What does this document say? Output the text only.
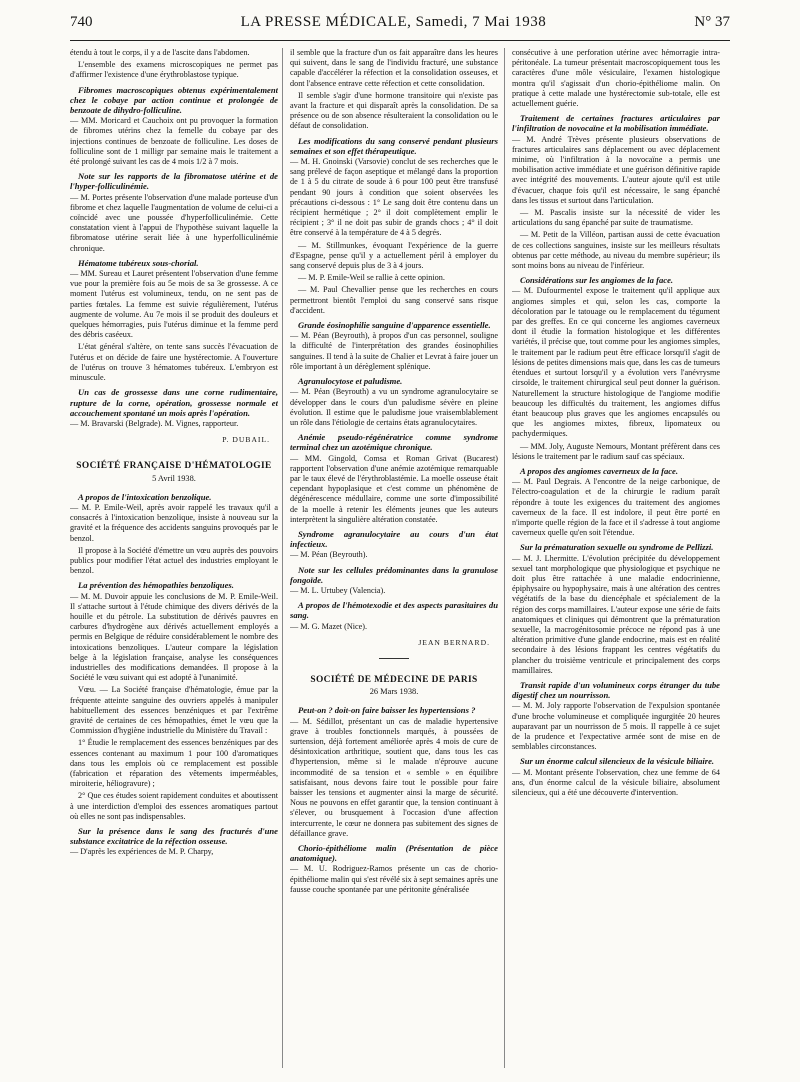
740	LA PRESSE MÉDICALE, Samedi, 7 Mai 1938	N° 37

étendu à tout le corps, il y a de l'ascite dans l'abdomen.

L'ensemble des examens microscopiques ne permet pas d'affirmer l'existence d'une érythroblastose typique.

Fibromes macroscopiques obtenus expérimentalement chez le cobaye par action continue et prolongée de benzoate de dihydro-folliculine.

— MM. Moricard et Cauchoix ont pu provoquer la formation de fibromes utérins chez la femelle du cobaye par des injections continues de benzoate de folliculine. Les doses de folliculine sont de 1 milligr par semaine mais le traitement a été prolongé suivant les cas de 4 mois 1/2 à 7 mois.

Note sur les rapports de la fibromatose utérine et de l'hyper-folliculinémie.

— M. Portes présente l'observation d'une malade porteuse d'un fibrome et chez laquelle l'augmentation de volume de celui-ci a coïncidé avec une poussée d'hyperfolliculinémie. Cette constatation vient à l'appui de l'hypothèse suivant laquelle la fibromatose utérine serait liée à une hyperfolliculinémie chronique.

Hématome tubéreux sous-chorial.

— MM. Sureau et Lauret présentent l'observation d'une femme vue pour la première fois au 5e mois de sa 3e grossesse. A ce moment l'utérus est volumineux, tendu, on ne sent pas de parties fœtales. La femme est suivie régulièrement, l'utérus augmente de volume. Au 7e mois il se produit des douleurs et quelques hémorragies, puis l'utérus diminue et la femme perd des débris caséeux.

L'état général s'altère, on tente sans succès l'évacuation de l'utérus et on décide de faire une hystérectomie. A l'ouverture de l'utérus on trouve 3 hématomes tubéreux. L'embryon est minuscule.

Un cas de grossesse dans une corne rudimentaire, rupture de la corne, opération, grossesse normale et accouchement spontané un mois après l'opération.

— M. Bravarski (Belgrade). M. Vignes, rapporteur.

P. DUBAIL.
SOCIÉTÉ FRANÇAISE D'HÉMATOLOGIE
5 Avril 1938.
A propos de l'intoxication benzolique.

— M. P. Emile-Weil, après avoir rappelé les travaux qu'il a consacrés à l'intoxication benzolique, insiste à nouveau sur la gravité et la fréquence des accidents sanguins provoqués par le benzol.

Il propose à la Société d'émettre un vœu auprès des pouvoirs publics pour modifier l'état actuel des industries employant le benzol.

La prévention des hémopathies benzoliques.

— M. M. Duvoir appuie les conclusions de M. P. Emile-Weil. Il s'attache surtout à l'étude chimique des divers dérivés de la houille et du pétrole. La substitution de dérivés pauvres en carbures d'hydrogène aux dérivés actuellement employés a permis en Belgique de réduire considérablement le nombre des intoxications benzoliques. L'auteur compare la législation belge à la législation française, analyse les conséquences industrielles des modifications demandées. Il propose à la Société le vœu suivant qui est adopté à l'unanimité.

Vœu. — La Société française d'hématologie, émue par la fréquente atteinte sanguine des ouvriers appelés à manipuler habituellement des essences benzéniques et par l'extrême gravité de certaines de ces hémopathies, émet le vœu que la Commission d'hygiène industrielle du Ministère du Travail :

1° Étudie le remplacement des essences benzéniques par des essences contenant au maximum 1 pour 100 d'aromatiques dans tous les emplois où ce remplacement est possible (fabrication et réparation des vêtements imperméables, miroiterie, héliogravure) ;

2° Que ces études soient rapidement conduites et aboutissent à une interdiction d'emploi des essences aromatiques partout où elles ne sont pas indispensables.

Sur la présence dans le sang des fracturés d'une substance excitatrice de la réfection osseuse.

— D'après les expériences de M. P. Charpy,

il semble que la fracture d'un os fait apparaître dans les heures qui suivent, dans le sang de l'individu fracturé, une substance capable d'accélérer la réfection et la consolidation osseuses, et dont l'absence entrave cette réfection et cette consolidation.

Il semble s'agir d'une hormone transitoire qui n'existe pas avant la fracture et qui disparaît après la consolidation. De sa présence ou de son absence résulteraient la consolidation ou le défaut de consolidation.

Les modifications du sang conservé pendant plusieurs semaines et son effet thérapeutique.

— M. H. Gnoinski (Varsovie) conclut de ses recherches que le sang prélevé de façon aseptique et mélangé dans la proportion de 1 à 5 du citrate de soude à 6 pour 100 peut être transfusé pendant 90 jours à condition que soient observées les précautions ci-dessous : 1° Le sang doit être contenu dans un récipient hermétique ; 2° il doit complètement emplir le récipient ; 3° il ne doit pas subir de grands chocs ; 4° il doit être conservé à la température de 4 à 5 degrés.

— M. Stillmunkes, évoquant l'expérience de la guerre d'Espagne, pense qu'il y a actuellement péril à employer du sang conservé depuis plus de 3 à 4 jours.

— M. P. Emile-Weil se rallie à cette opinion.

— M. Paul Chevallier pense que les recherches en cours permettront bientôt l'emploi du sang conservé sans risque d'accident.

Grande éosinophilie sanguine d'apparence essentielle.

— M. Péan (Beyrouth), à propos d'un cas personnel, souligne la difficulté de l'interprétation des grandes éosinophilies sanguines. Il tend à la suite de Chalier et Levrat à faire jouer un rôle important à un dérèglement splénique.

Agranulocytose et paludisme.

— M. Péan (Beyrouth) a vu un syndrome agranulocytaire se développer dans le cours d'un paludisme sévère en pleine évolution. Il estime que le paludisme joue vraisemblablement un rôle dans l'étiologie de certains états agranulocytaires.

Anémie pseudo-régénératrice comme syndrome terminal chez un azotémique chronique.

— MM. Gingold, Comsa et Roman Grivat (Bucarest) rapportent l'observation d'une anémie azotémique remarquable par le taux élevé de l'érythroblastémie. La moelle osseuse était cependant hypoplasique et c'est comme un phénomène de dégénérescence médullaire, comme une sorte d'impossibilité de la moelle à retenir les éléments jeunes que les auteurs interprètent la singulière altération constatée.

Syndrome agranulocytaire au cours d'un état infectieux.

— M. Péan (Beyrouth).

Note sur les cellules prédominantes dans la granulose fongoïde.

— M. L. Urtubey (Valencia).

A propos de l'hémotexodie et des aspects parasitaires du sang.

— M. G. Mazet (Nice).

JEAN BERNARD.
SOCIÉTÉ DE MÉDECINE DE PARIS
26 Mars 1938.
Peut-on ? doit-on faire baisser les hypertensions ?

— M. Sédillot, présentant un cas de maladie hypertensive grave à troubles fonctionnels marqués, à poussées de surtension, déjà fortement améliorée après 4 mois de cure de désintoxication arthritique, soutient que, dans tous les cas d'hypertension, même si le malade n'éprouve aucune incommodité de sa tension et « semble » en équilibre satisfaisant, nous devons faire tout le possible pour faire baisser les tensions et augmenter ainsi la marge de sécurité. Nous ne pouvons en effet garantir que, la tension continuant à s'élever, ou brusquement à l'occasion d'une affection intercurrente, le cœur ne donnera pas subitement des signes de défaillance grave.

Chorio-épithéliome malin (Présentation de pièce anatomique).

— M. U. Rodriguez-Ramos présente un cas de chorio-épithéliome malin qui s'est révélé six à sept semaines après une fausse couche spontanée par une péritonite généralisée

consécutive à une perforation utérine avec hémorragie intra-péritonéale. La tumeur présentait macroscopiquement tous les caractères d'une môle vésiculaire, l'examen histologique montra qu'il s'agissait d'un chorio-épithéliome malin. On pratique à cette malade une hystérectomie sub-totale, elle est actuellement guérie.

Traitement de certaines fractures articulaires par l'infiltration de novocaïne et la mobilisation immédiate.

— M. André Trèves présente plusieurs observations de fractures articulaires sans déplacement ou avec déplacement minime, où l'infiltration à la novocaïne a permis une mobilisation active immédiate et une guérison définitive rapide avec intégrité des mouvements. L'auteur ajoute qu'il est utile d'évacuer, chaque fois qu'il est nécessaire, le sang épanché dans les tissus et surtout dans l'articulation.

— M. Pascalis insiste sur la nécessité de vider les articulations du sang épanché par suite de traumatisme.

— M. Petit de la Villéon, partisan aussi de cette évacuation de ces collections sanguines, insiste sur les meilleurs résultats obtenus par cette méthode, au niveau du membre supérieur; ils sont moins bons au niveau de l'inférieur.

Considérations sur les angiomes de la face.

— M. Dufourmentel expose le traitement qu'il applique aux angiomes simples et qui, selon les cas, comporte la décoloration par le tatouage ou le remplacement du tégument par des greffes. En ce qui concerne les angiomes caverneux dont il étudie la formation histologique et les différentes variétés, il précise que, tout comme pour les angiomes simples, le traitement par le radium peut être efficace lorsqu'il s'agit de lésions de petites dimensions mais que, dans les cas de tumeurs étendues et surtout lorsqu'il y a évolution vers l'anévrysme cirsoïde, le traitement chirurgical seul peut donner la guérison. Naturellement la structure histologique de l'angiome modifie beaucoup les difficultés du traitement, les angiomes diffus étant beaucoup plus graves que les angiomes encapsulés ou que les angiomes mixtes, fibreux, lipomateux ou pachydermiques.

— MM. Joly, Auguste Nemours, Montant préfèrent dans ces lésions le traitement par le radium sauf cas spéciaux.

A propos des angiomes caverneux de la face.

— M. Paul Degrais. A l'encontre de la neige carbonique, de l'électro-coagulation et de la chirurgie le radium paraît répondre à toute les exigences du traitement des angiomes caverneux de la face. Il est indolore, il peut être porté en n'importe quelle région de la face et il s'adresse à tout angiome caverneux quelle qu'en soit l'étendue.

Sur la prématuration sexuelle ou syndrome de Pellizzi.

— M. J. Lhermitte. L'évolution précipitée du développement sexuel tant morphologique que physiologique et psychique ne doit plus être rattachée à une maladie endocrinienne, épiphysaire ou hypophysaire, mais à une altération des centres végétatifs de la base du diencéphale et spécialement de la région des corps mamillaires. L'auteur expose une série de faits anatomiques et cliniques qui démontrent que la prématuration sexuelle, la macrogénitosomie précoce ne répond pas à une altération primitive d'une glande endocrine, mais est en réalité secondaire à des lésions frappant les centres végétatifs du plancher du troisième ventricule et principalement des corps mamillaires.

Transit rapide d'un volumineux corps étranger du tube digestif chez un nourrisson.

— M. M. Joly rapporte l'observation de l'expulsion spontanée d'une broche volumineuse et compliquée ingurgitée 20 heures auparavant par un nourrisson de 5 mois. Il rappelle à ce sujet de la prudence et l'expectative armée sont de mise en de semblables circonstances.

Sur un énorme calcul silencieux de la vésicule biliaire.

— M. Montant présente l'observation, chez une femme de 64 ans, d'un énorme calcul de la vésicule biliaire, absolument silencieux, qui a été une découverte d'intervention.
